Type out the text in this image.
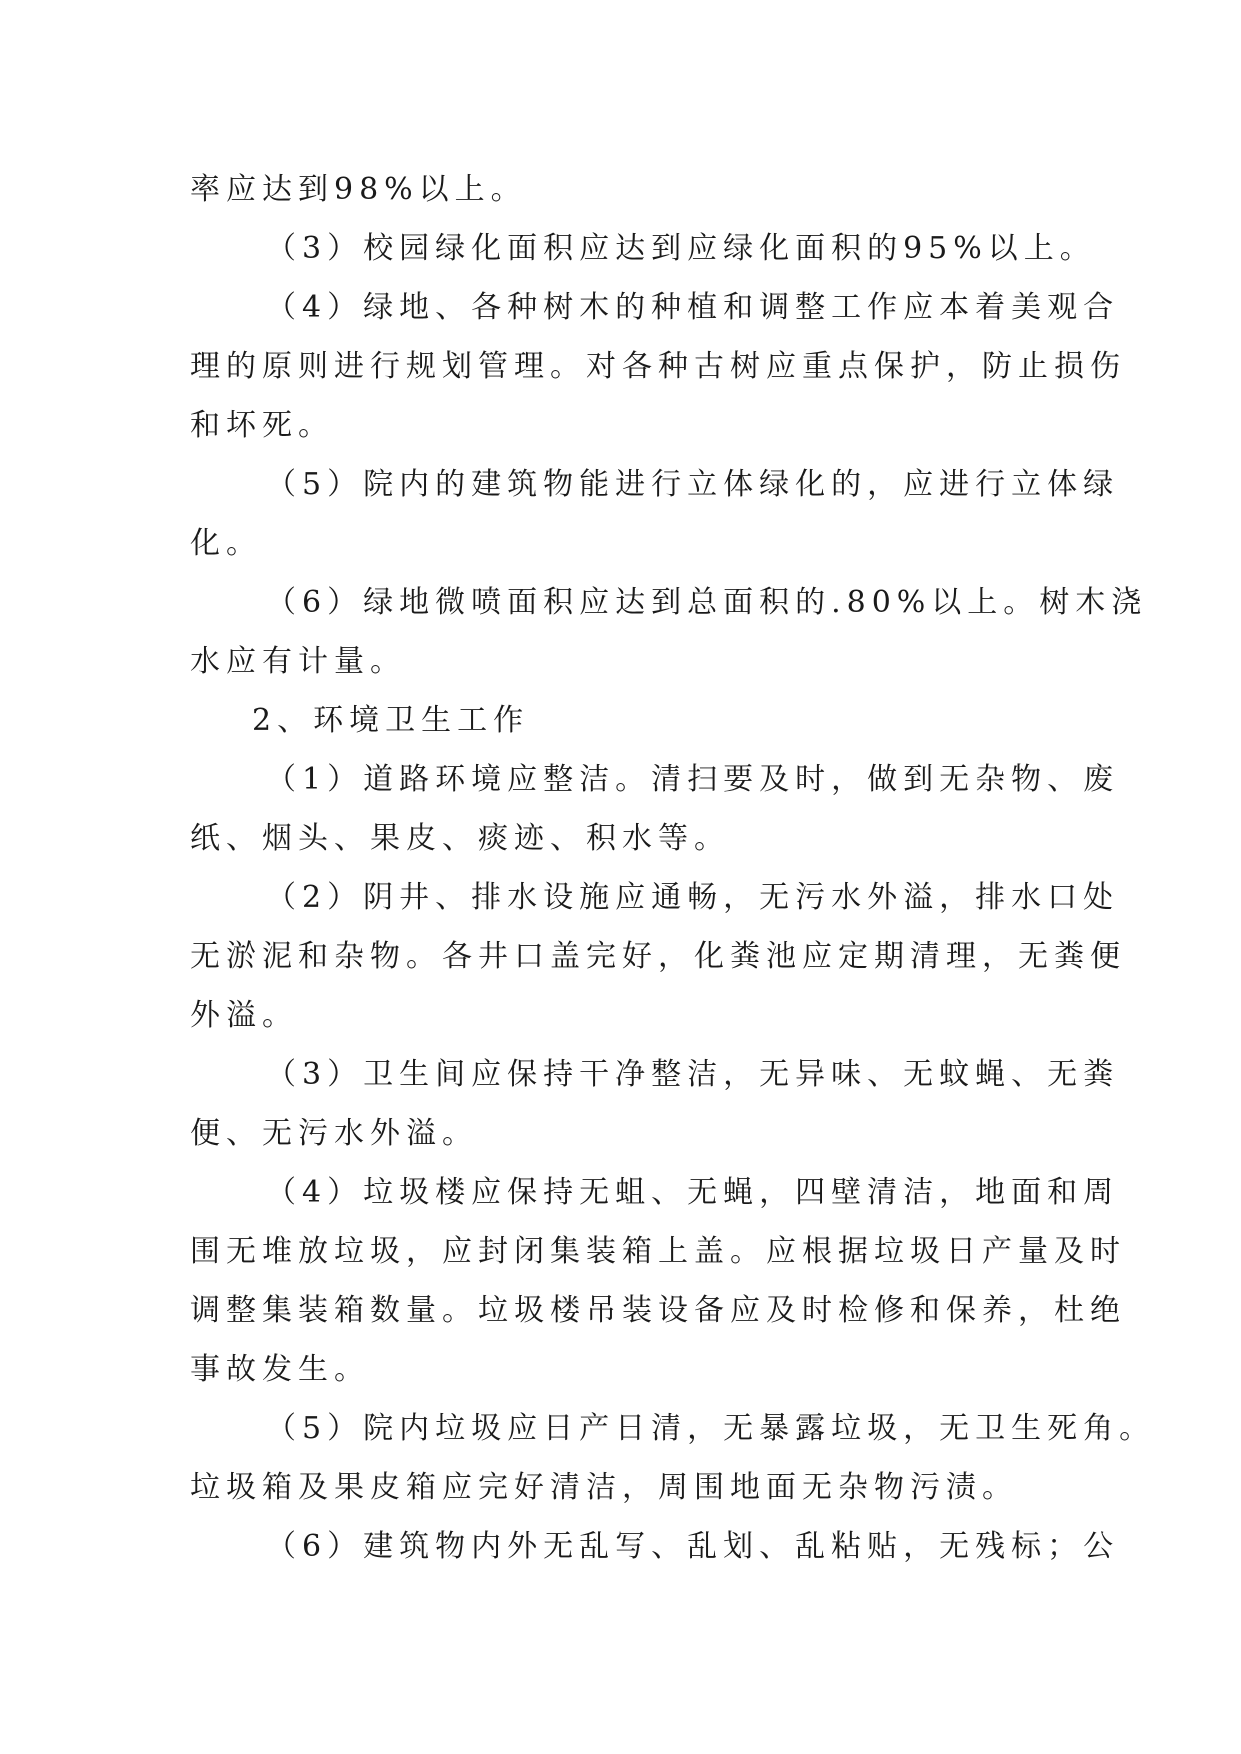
率应达到98%以上。
（3）校园绿化面积应达到应绿化面积的95%以上。
（4）绿地、各种树木的种植和调整工作应本着美观合
理的原则进行规划管理。对各种古树应重点保护，防止损伤
和坏死。
（5）院内的建筑物能进行立体绿化的，应进行立体绿
化。
（6）绿地微喷面积应达到总面积的.80%以上。树木浇
水应有计量。
2、环境卫生工作
（1）道路环境应整洁。清扫要及时，做到无杂物、废
纸、烟头、果皮、痰迹、积水等。
（2）阴井、排水设施应通畅，无污水外溢，排水口处
无淤泥和杂物。各井口盖完好，化粪池应定期清理，无粪便
外溢。
（3）卫生间应保持干净整洁，无异味、无蚊蝇、无粪
便、无污水外溢。
（4）垃圾楼应保持无蛆、无蝇，四壁清洁，地面和周
围无堆放垃圾，应封闭集装箱上盖。应根据垃圾日产量及时
调整集装箱数量。垃圾楼吊装设备应及时检修和保养，杜绝
事故发生。
（5）院内垃圾应日产日清，无暴露垃圾，无卫生死角。
垃圾箱及果皮箱应完好清洁，周围地面无杂物污渍。
（6）建筑物内外无乱写、乱划、乱粘贴，无残标；公
